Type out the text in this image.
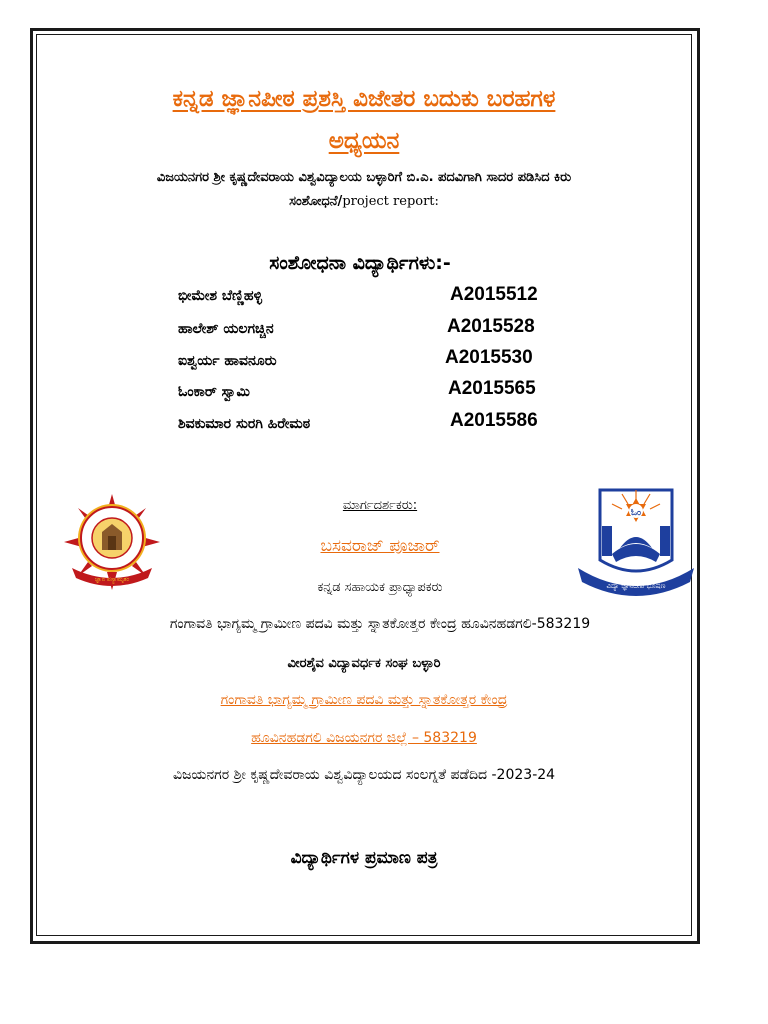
ಕನ್ನಡ ಜ್ಞಾನಪೀಠ ಪ್ರಶಸ್ತಿ ವಿಜೇತರ ಬದುಕು ಬರಹಗಳ
ಅಧ್ಯಯನ
ವಿಜಯನಗರ ಶ್ರೀ ಕೃಷ್ಣದೇವರಾಯ ವಿಶ್ವವಿದ್ಯಾಲಯ ಬಳ್ಳಾರಿಗೆ ಬಿ.ಎ. ಪದವಿಗಾಗಿ ಸಾದರ ಪಡಿಸಿದ ಕಿರು
ಸಂಶೋಧನೆ/project report:
ಸಂಶೋಧನಾ ವಿದ್ಯಾರ್ಥಿಗಳು:-
ಭೀಮೇಶ ಬೆಣ್ಣಿಹಳ್ಳಿ	A2015512
ಹಾಲೇಶ್ ಯಲಗಚ್ಚಿನ	A2015528
ಐಶ್ವರ್ಯ ಹಾವನೂರು	A2015530
ಓಂಕಾರ್ ಸ್ವಾಮಿ	A2015565
ಶಿವಕುಮಾರ ಸುರಗಿ ಹಿರೇಮಠ	A2015586
ಜ್ಞಾನ ಪಸ್ಯಾಮೃತಂ
ಓಂ
ವಿದ್ಯಾ ಜ್ಞಾನದೀಪ ಭೂಷಣ
ಮಾರ್ಗದರ್ಶಕರು:
ಬಸವರಾಜ್ ಪೂಜಾರ್
ಕನ್ನಡ ಸಹಾಯಕ ಪ್ರಾಧ್ಯಾಪಕರು
ಗಂಗಾವತಿ ಭಾಗ್ಯಮ್ಮ ಗ್ರಾಮೀಣ ಪದವಿ ಮತ್ತು ಸ್ನಾತಕೋತ್ತರ ಕೇಂದ್ರ ಹೂವಿನಹಡಗಲಿ-583219
ವೀರಶೈವ ವಿದ್ಯಾವರ್ಧಕ ಸಂಘ ಬಳ್ಳಾರಿ
ಗಂಗಾವತಿ ಭಾಗ್ಯಮ್ಮ ಗ್ರಾಮೀಣ ಪದವಿ ಮತ್ತು ಸ್ನಾತಕೋತ್ತರ ಕೇಂದ್ರ
ಹೂವಿನಹಡಗಲಿ ವಿಜಯನಗರ ಜಿಲ್ಲೆ – 583219
ವಿಜಯನಗರ ಶ್ರೀ ಕೃಷ್ಣದೇವರಾಯ ವಿಶ್ವವಿದ್ಯಾಲಯದ ಸಂಲಗ್ನತೆ ಪಡೆದಿದ -2023-24
ವಿದ್ಯಾರ್ಥಿಗಳ ಪ್ರಮಾಣ ಪತ್ರ
